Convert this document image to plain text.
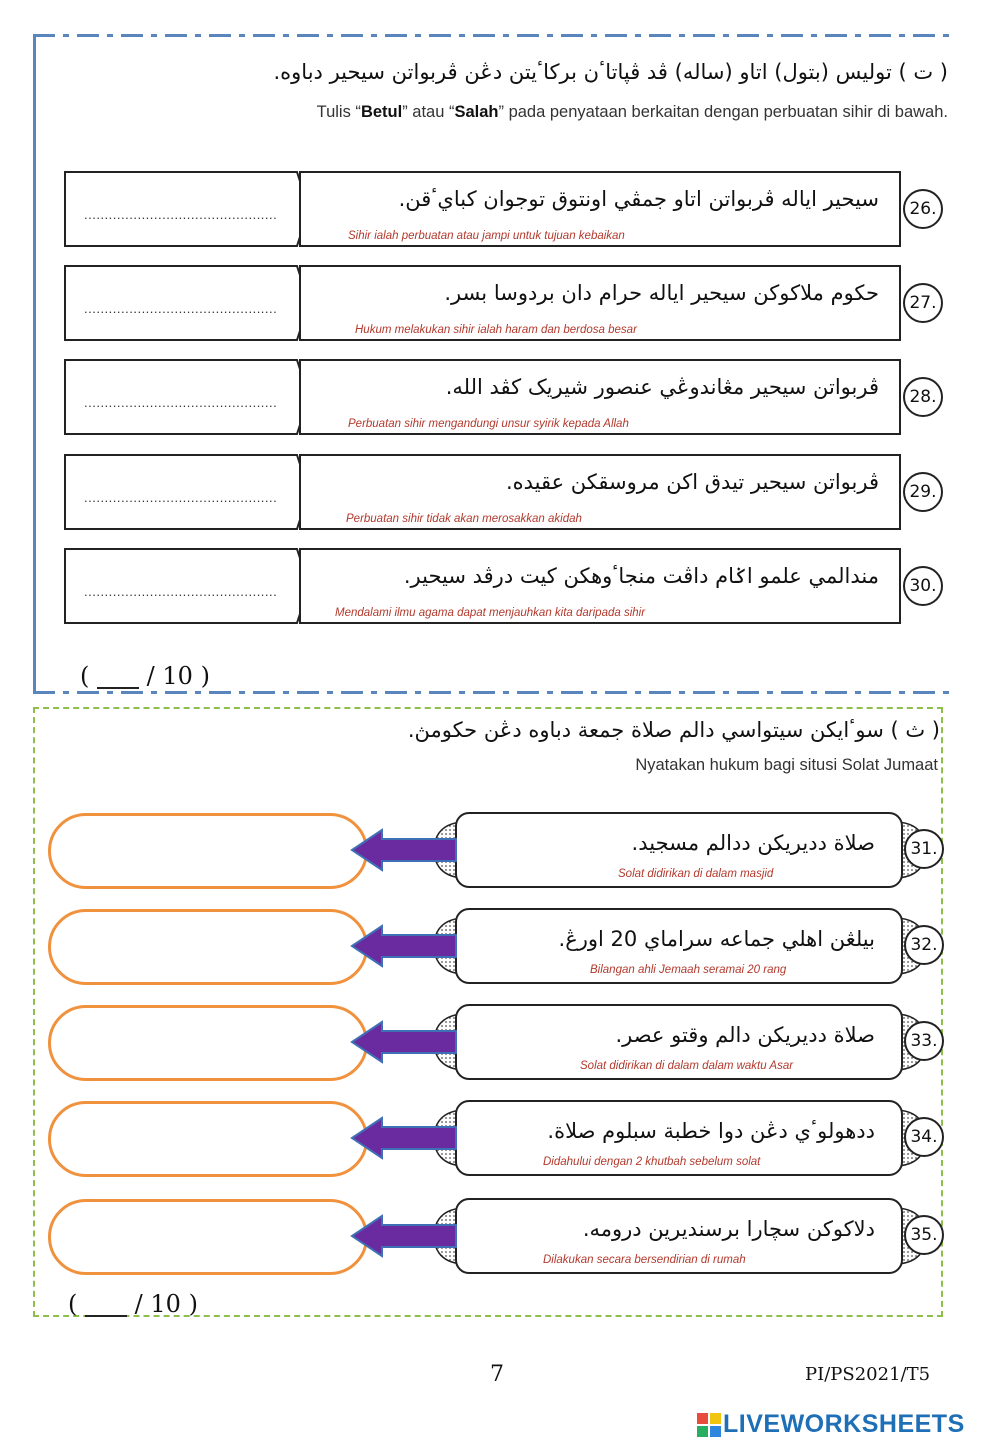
( ت ) توليس (بتول) اتاو (ساله) ڤد ڤپاتاٴن بركاٴيتن دڠن ڤربواتن سيحير دباوه.
Tulis “Betul” atau “Salah” pada penyataan berkaitan dengan perbuatan sihir di bawah.
...............................................
سيحير اياله ڤربواتن اتاو جمڤي اونتوق توجوان كبايٴقن.
Sihir ialah perbuatan atau jampi untuk tujuan kebaikan
26.
...............................................
حكوم ملاكوكن سيحير اياله حرام دان بردوسا بسر.
Hukum melakukan sihir ialah haram dan berdosa besar
27.
...............................................
ڤربواتن سيحير مڠاندوڠي عنصور شيريک كڤد الله.
Perbuatan sihir mengandungi unsur syirik kepada Allah
28.
...............................................
ڤربواتن سيحير تيدق اكن مروسقكن عقيده.
Perbuatan sihir tidak akan merosakkan akidah
29.
...............................................
مندالمي علمو اݢام داڤت منجاٴوهكن كيت درڤد سيحير.
Mendalami ilmu agama dapat menjauhkan kita daripada sihir
30.
( / 10 )
( ث ) سوٴايكن سيتواسي دالم صلاة جمعة دباوه دڠن حكومڽ.
Nyatakan hukum bagi situsi Solat Jumaat
صلاة دديريكن ددالم مسجيد.
Solat didirikan di dalam masjid
31.
بيلڠن اهلي جماعه سراماي 20 اورڠ.
Bilangan ahli Jemaah seramai 20 rang
32.
صلاة دديريكن دالم وقتو عصر.
Solat didirikan di dalam dalam waktu Asar
33.
ددهولوٴي دڠن دوا خطبة سبلوم صلاة.
Didahului dengan 2 khutbah sebelum solat
34.
دلاكوكن سچارا برسنديرين درومه.
Dilakukan secara bersendirian di rumah
35.
( / 10 )
7	PI/PS2021/T5
LIVEWORKSHEETS
